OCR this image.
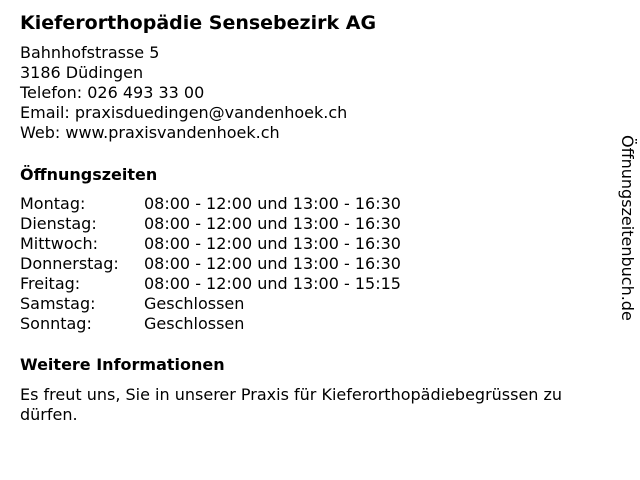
Kieferorthopädie Sensebezirk AG
Bahnhofstrasse 5
3186 Düdingen
Telefon: 026 493 33 00
Email: praxisduedingen@vandenhoek.ch
Web: www.praxisvandenhoek.ch
Öffnungszeiten
Montag:	08:00 - 12:00 und 13:00 - 16:30
Dienstag:	08:00 - 12:00 und 13:00 - 16:30
Mittwoch:	08:00 - 12:00 und 13:00 - 16:30
Donnerstag: 08:00 - 12:00 und 13:00 - 16:30
Freitag:	08:00 - 12:00 und 13:00 - 15:15
Samstag:	Geschlossen
Sonntag:	Geschlossen
Weitere Informationen
Es freut uns, Sie in unserer Praxis für Kieferorthopädiebegrüssen zu dürfen.
Öffnungszeitenbuch.de
